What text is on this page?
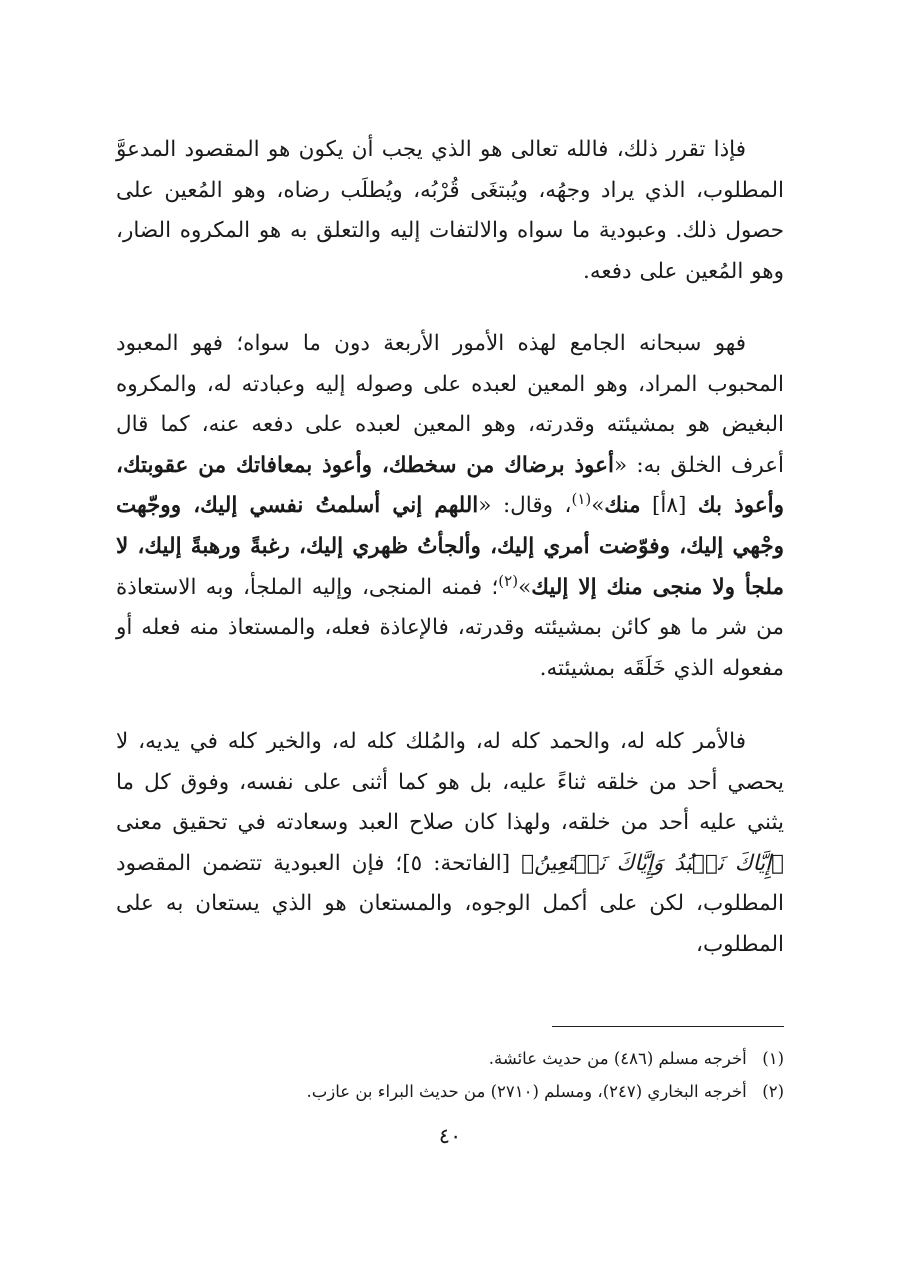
فإذا تقرر ذلك، فالله تعالى هو الذي يجب أن يكون هو المقصود المدعوَّ المطلوب، الذي يراد وجهُه، ويُبتغَى قُرْبُه، ويُطلَب رضاه، وهو المُعين على حصول ذلك. وعبودية ما سواه والالتفات إليه والتعلق به هو المكروه الضار، وهو المُعين على دفعه.

فهو سبحانه الجامع لهذه الأمور الأربعة دون ما سواه؛ فهو المعبود المحبوب المراد، وهو المعين لعبده على وصوله إليه وعبادته له، والمكروه البغيض هو بمشيئته وقدرته، وهو المعين لعبده على دفعه عنه، كما قال أعرف الخلق به: «أعوذ برضاك من سخطك، وأعوذ بمعافاتك من عقوبتك، وأعوذ بك [٨أ] منك»$^{(١)}$، وقال: «اللهم إني أسلمتُ نفسي إليك، ووجّهت وجْهي إليك، وفوّضت أمري إليك، وألجأتُ ظهري إليك، رغبةً ورهبةً إليك، لا ملجأ ولا منجى منك إلا إليك»$^{(٢)}$؛ فمنه المنجى، وإليه الملجأ، وبه الاستعاذة من شر ما هو كائن بمشيئته وقدرته، فالإعاذة فعله، والمستعاذ منه فعله أو مفعوله الذي خَلَقَه بمشيئته.

فالأمر كله له، والحمد كله له، والمُلك كله له، والخير كله في يديه، لا يحصي أحد من خلقه ثناءً عليه، بل هو كما أثنى على نفسه، وفوق كل ما يثني عليه أحد من خلقه، ولهذا كان صلاح العبد وسعادته في تحقيق معنى ﴿إِيَّاكَ نَعۡبُدُ وَإِيَّاكَ نَسۡتَعِينُ﴾ [الفاتحة: ٥]؛ فإن العبودية تتضمن المقصود المطلوب، لكن على أكمل الوجوه، والمستعان هو الذي يستعان به على المطلوب،

(١) أخرجه مسلم (٤٨٦) من حديث عائشة.

(٢) أخرجه البخاري (٢٤٧)، ومسلم (٢٧١٠) من حديث البراء بن عازب.

٤٠
